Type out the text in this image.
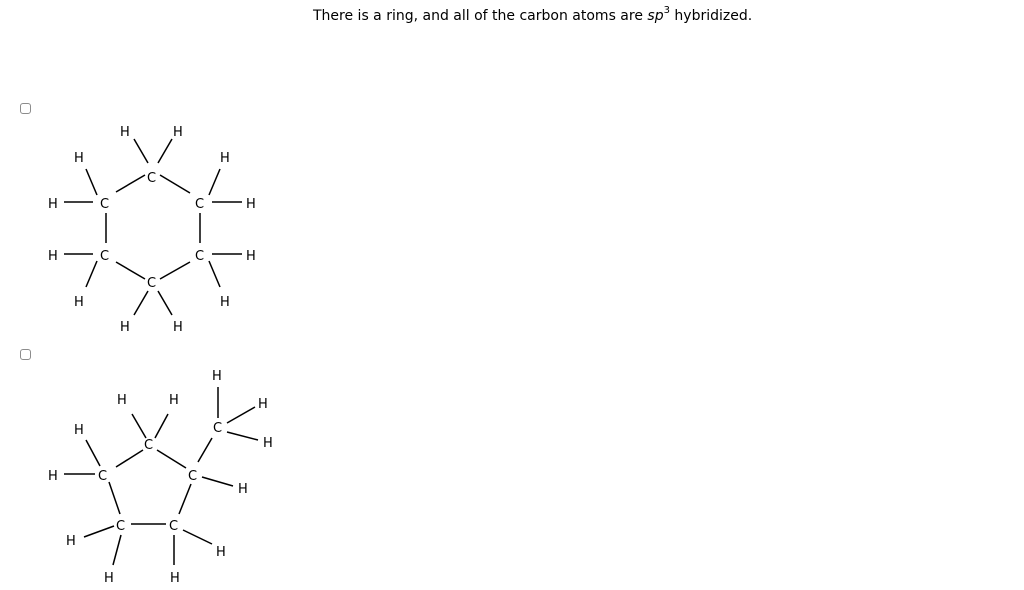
There is a ring, and all of the carbon atoms are $sp^3$ hybridized.
C
C	C
C	C
C
H	H
H	H
H	H
H	H
H	H
H	H
C
C	C
C
C	C
H
H	H	H
H
H
H
H
H
H
H	H
